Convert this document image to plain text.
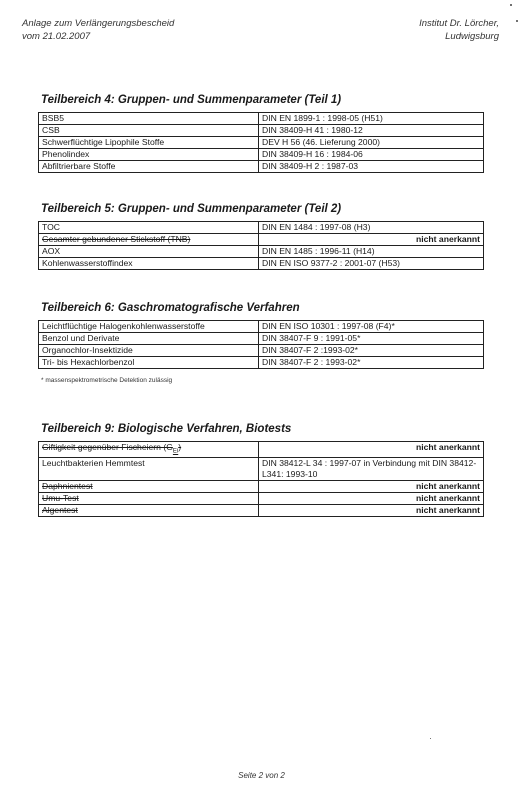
Anlage zum Verlängerungsbescheid
vom 21.02.2007
Institut Dr. Lörcher,
Ludwigsburg
Teilbereich 4: Gruppen- und Summenparameter (Teil 1)
BSB5	DIN EN 1899-1 : 1998-05 (H51)
CSB	DIN 38409-H 41 : 1980-12
Schwerflüchtige Lipophile Stoffe	DEV H 56 (46. Lieferung 2000)
Phenolindex	DIN 38409-H 16 : 1984-06
Abfiltrierbare Stoffe	DIN 38409-H 2 : 1987-03
Teilbereich 5: Gruppen- und Summenparameter (Teil 2)
TOC	DIN EN 1484 : 1997-08 (H3)
Gesamter gebundener Stickstoff (TNB)	nicht anerkannt
AOX	DIN EN 1485 : 1996-11 (H14)
Kohlenwasserstoffindex	DIN EN ISO 9377-2 : 2001-07 (H53)
Teilbereich 6: Gaschromatografische Verfahren
Leichtflüchtige Halogenkohlenwasserstoffe	DIN EN ISO 10301 : 1997-08 (F4)*
Benzol und Derivate	DIN 38407-F 9 : 1991-05*
Organochlor-Insektizide	DIN 38407-F 2 :1993-02*
Tri- bis Hexachlorbenzol	DIN 38407-F 2 : 1993-02*
* massenspektrometrische Detektion zulässig
Teilbereich 9: Biologische Verfahren, Biotests
Giftigkeit gegenüber Fischeiern $(G_{Ei})$	nicht anerkannt
Leuchtbakterien Hemmtest	DIN 38412-L 34 : 1997-07 in Verbindung mit DIN 38412-L341: 1993-10
Daphnientest	nicht anerkannt
Umu-Test	nicht anerkannt
Algentest	nicht anerkannt
Seite 2 von 2
